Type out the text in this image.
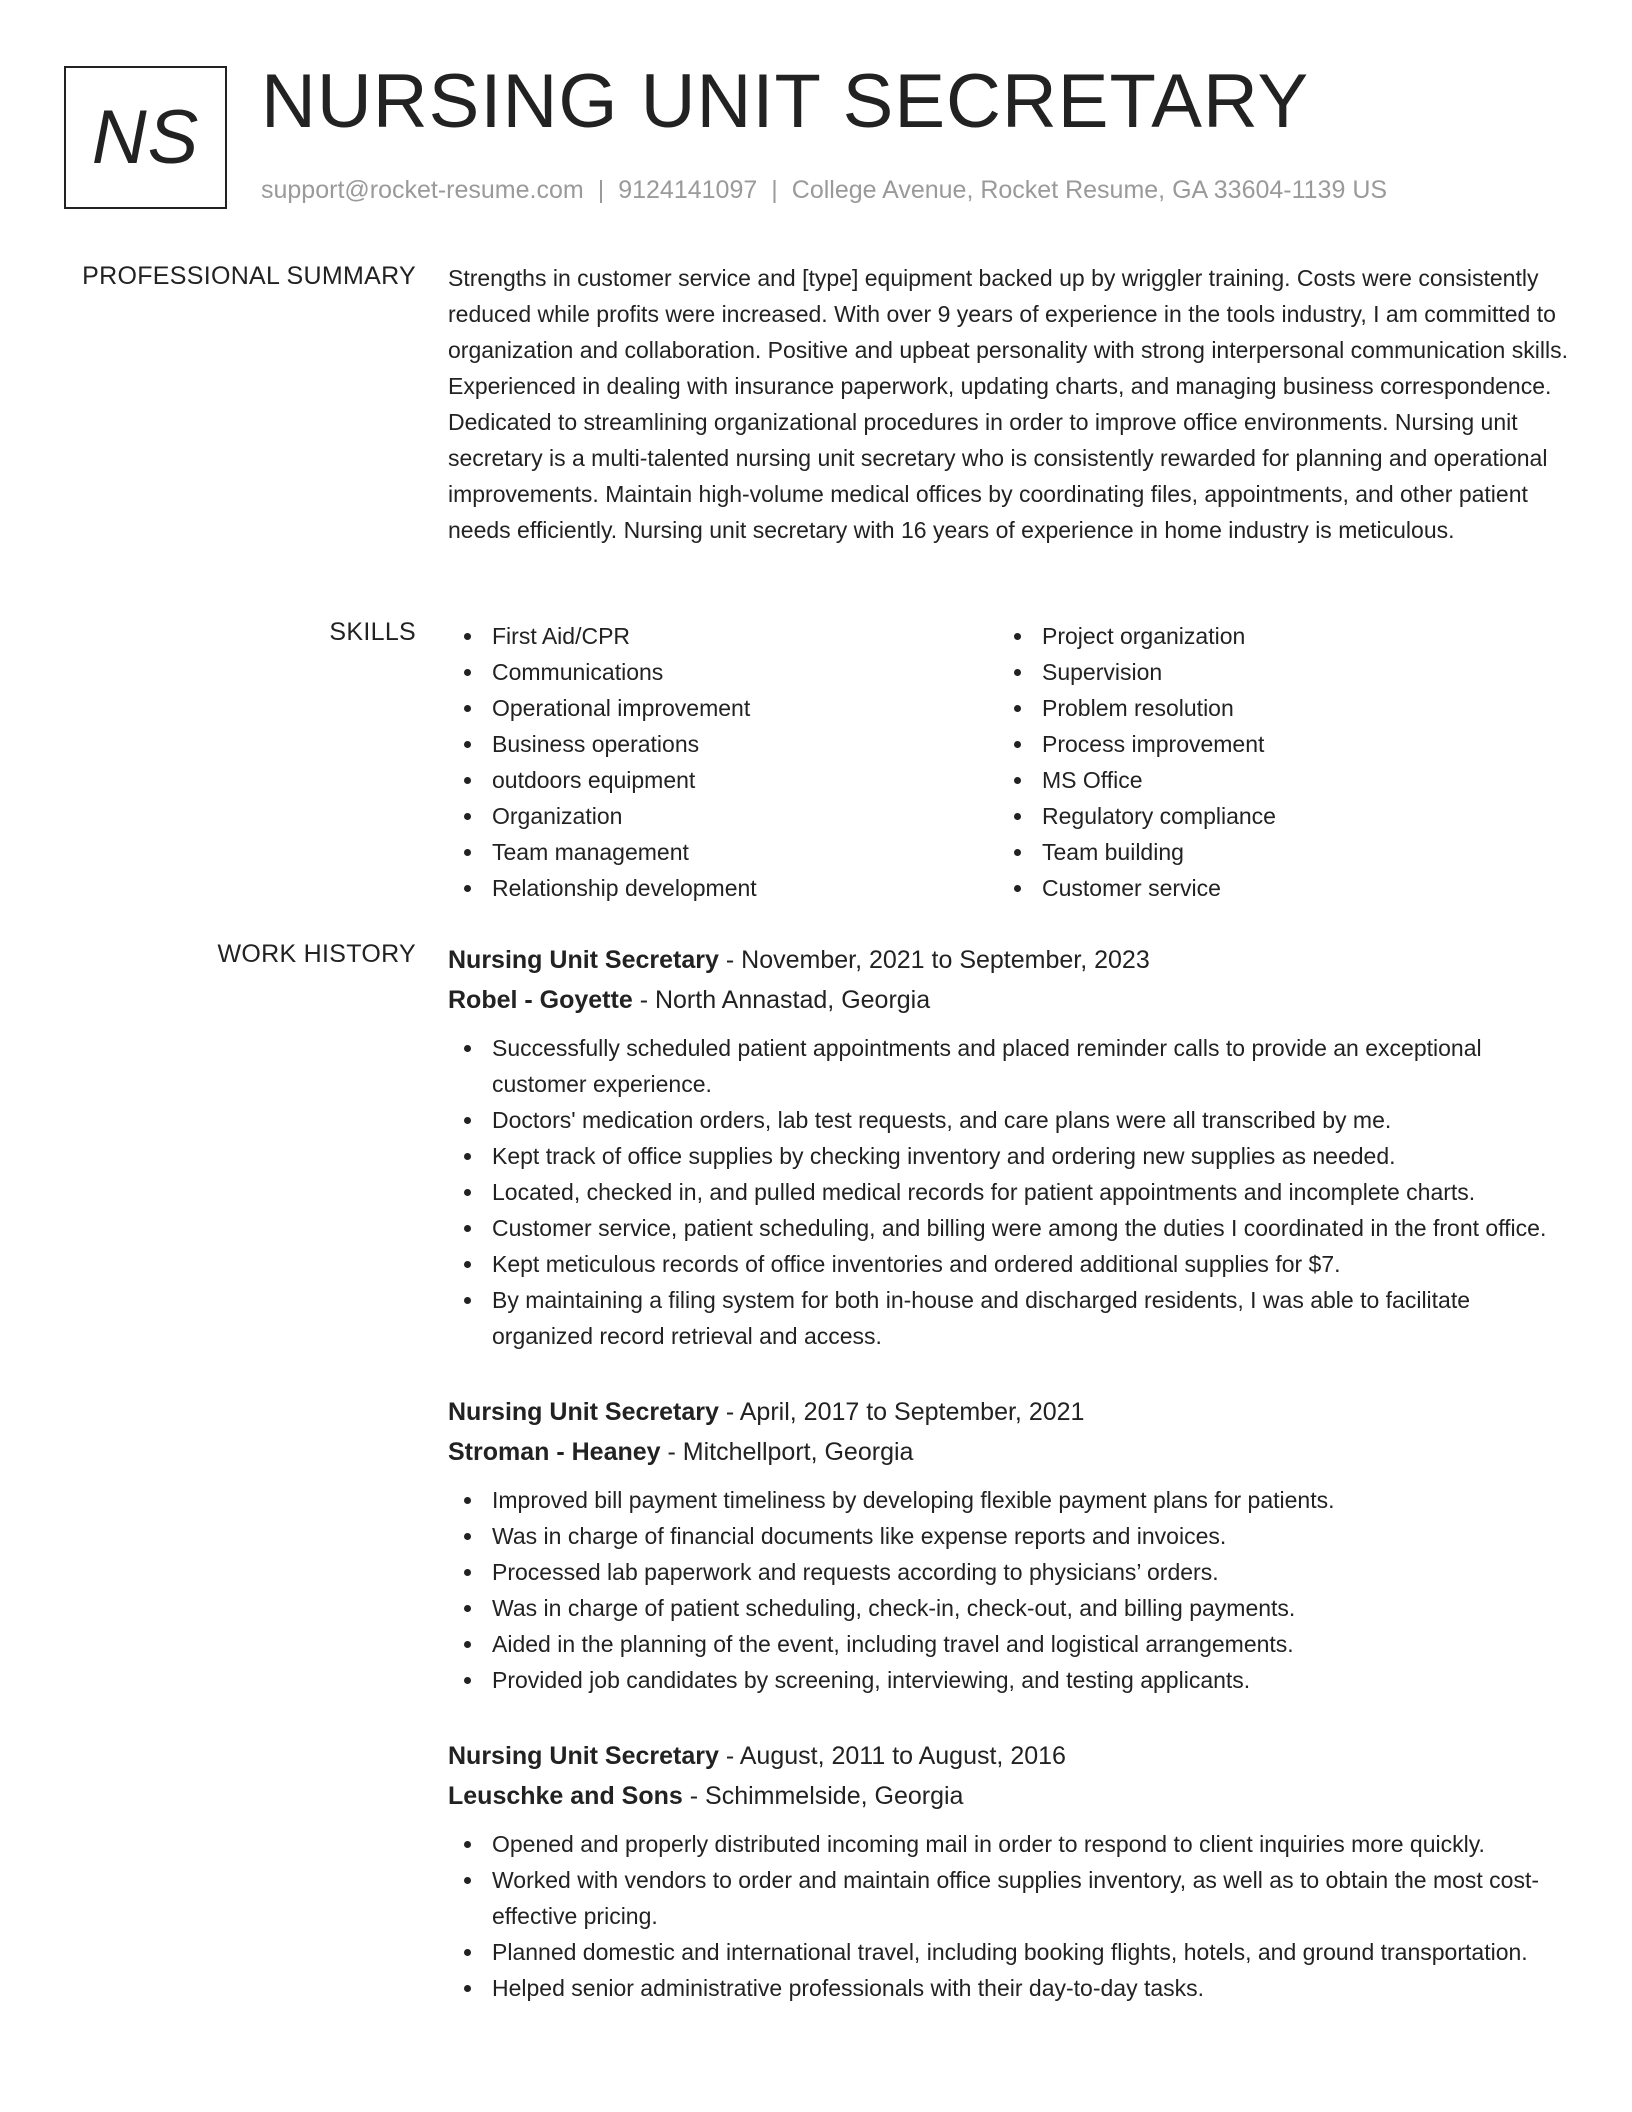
NS NURSING UNIT SECRETARY
support@rocket-resume.com | 9124141097 | College Avenue, Rocket Resume, GA 33604-1139 US
PROFESSIONAL SUMMARY Strengths in customer service and [type] equipment backed up by wriggler training. Costs were consistently reduced while profits were increased. With over 9 years of experience in the tools industry, I am committed to organization and collaboration. Positive and upbeat personality with strong interpersonal communication skills. Experienced in dealing with insurance paperwork, updating charts, and managing business correspondence. Dedicated to streamlining organizational procedures in order to improve office environments. Nursing unit secretary is a multi-talented nursing unit secretary who is consistently rewarded for planning and operational improvements. Maintain high-volume medical offices by coordinating files, appointments, and other patient needs efficiently. Nursing unit secretary with 16 years of experience in home industry is meticulous.

SKILLS	First Aid/CPR
Communications
Operational improvement
Business operations
outdoors equipment
Organization
Team management
Relationship development
Project organization
Supervision
Problem resolution
Process improvement
MS Office
Regulatory compliance
Team building
Customer service
WORK HISTORY Nursing Unit Secretary - November, 2021 to September, 2023
Robel - Goyette - North Annastad, Georgia
Successfully scheduled patient appointments and placed reminder calls to provide an exceptional customer experience.
Doctors' medication orders, lab test requests, and care plans were all transcribed by me.
Kept track of office supplies by checking inventory and ordering new supplies as needed.
Located, checked in, and pulled medical records for patient appointments and incomplete charts.
Customer service, patient scheduling, and billing were among the duties I coordinated in the front office.
Kept meticulous records of office inventories and ordered additional supplies for $7.
By maintaining a filing system for both in-house and discharged residents, I was able to facilitate organized record retrieval and access.
Nursing Unit Secretary - April, 2017 to September, 2021
Stroman - Heaney - Mitchellport, Georgia
Improved bill payment timeliness by developing flexible payment plans for patients.
Was in charge of financial documents like expense reports and invoices.
Processed lab paperwork and requests according to physicians’ orders.
Was in charge of patient scheduling, check-in, check-out, and billing payments.
Aided in the planning of the event, including travel and logistical arrangements.
Provided job candidates by screening, interviewing, and testing applicants.
Nursing Unit Secretary - August, 2011 to August, 2016
Leuschke and Sons - Schimmelside, Georgia
Opened and properly distributed incoming mail in order to respond to client inquiries more quickly.
Worked with vendors to order and maintain office supplies inventory, as well as to obtain the most cost-effective pricing.
Planned domestic and international travel, including booking flights, hotels, and ground transportation.
Helped senior administrative professionals with their day-to-day tasks.
